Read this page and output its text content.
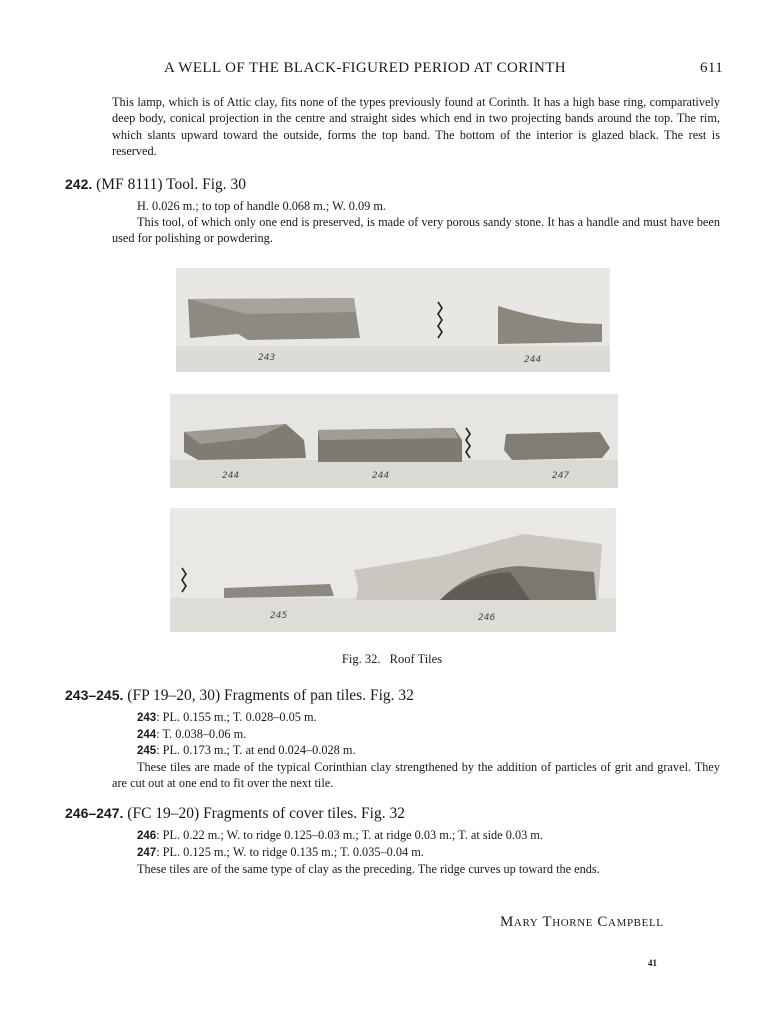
A WELL OF THE BLACK-FIGURED PERIOD AT CORINTH	611

This lamp, which is of Attic clay, fits none of the types previously found at Corinth. It has a high base ring, comparatively deep body, conical projection in the centre and straight sides which end in two projecting bands around the top. The rim, which slants upward toward the outside, forms the top band. The bottom of the interior is glazed black. The rest is reserved.

242. (MF 8111) Tool. Fig. 30
H. 0.026 m.; to top of handle 0.068 m.; W. 0.09 m.

This tool, of which only one end is preserved, is made of very porous sandy stone. It has a handle and must have been used for polishing or powdering.

243	244
244	244	247
245	246
Fig. 32. Roof Tiles
243–245. (FP 19–20, 30) Fragments of pan tiles. Fig. 32
243: PL. 0.155 m.; T. 0.028–0.05 m.
244: T. 0.038–0.06 m.
245: PL. 0.173 m.; T. at end 0.024–0.028 m.

These tiles are made of the typical Corinthian clay strengthened by the addition of particles of grit and gravel. They are cut out at one end to fit over the next tile.

246–247. (FC 19–20) Fragments of cover tiles. Fig. 32
246: PL. 0.22 m.; W. to ridge 0.125–0.03 m.; T. at ridge 0.03 m.; T. at side 0.03 m.
247: PL. 0.125 m.; W. to ridge 0.135 m.; T. 0.035–0.04 m.
These tiles are of the same type of clay as the preceding. The ridge curves up toward the ends.
Mary Thorne Campbell
41
